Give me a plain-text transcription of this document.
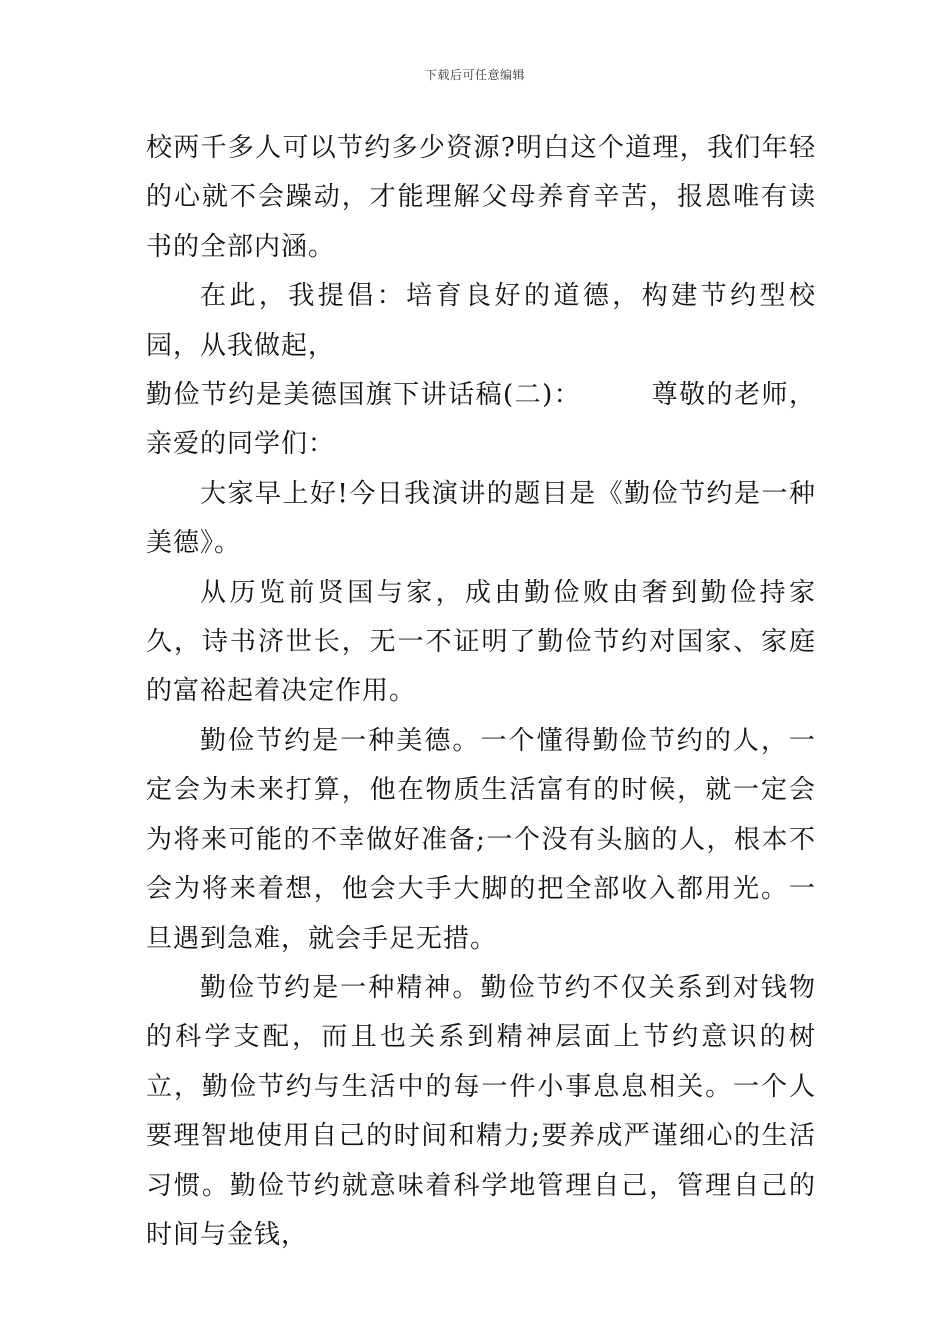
下载后可任意编辑

校两千多人可以节约多少资源?明白这个道理，我们年轻的心就不会躁动，才能理解父母养育辛苦，报恩唯有读书的全部内涵。

在此，我提倡：培育良好的道德，构建节约型校园，从我做起，

勤俭节约是美德国旗下讲话稿(二)：	尊敬的老师，亲爱的同学们：

大家早上好!今日我演讲的题目是《勤俭节约是一种美德》。

从历览前贤国与家，成由勤俭败由奢到勤俭持家久，诗书济世长，无一不证明了勤俭节约对国家、家庭的富裕起着决定作用。

勤俭节约是一种美德。一个懂得勤俭节约的人，一定会为未来打算，他在物质生活富有的时候，就一定会为将来可能的不幸做好准备;一个没有头脑的人，根本不会为将来着想，他会大手大脚的把全部收入都用光。一旦遇到急难，就会手足无措。

勤俭节约是一种精神。勤俭节约不仅关系到对钱物的科学支配，而且也关系到精神层面上节约意识的树立，勤俭节约与生活中的每一件小事息息相关。一个人要理智地使用自己的时间和精力;要养成严谨细心的生活习惯。勤俭节约就意味着科学地管理自己，管理自己的时间与金钱，
